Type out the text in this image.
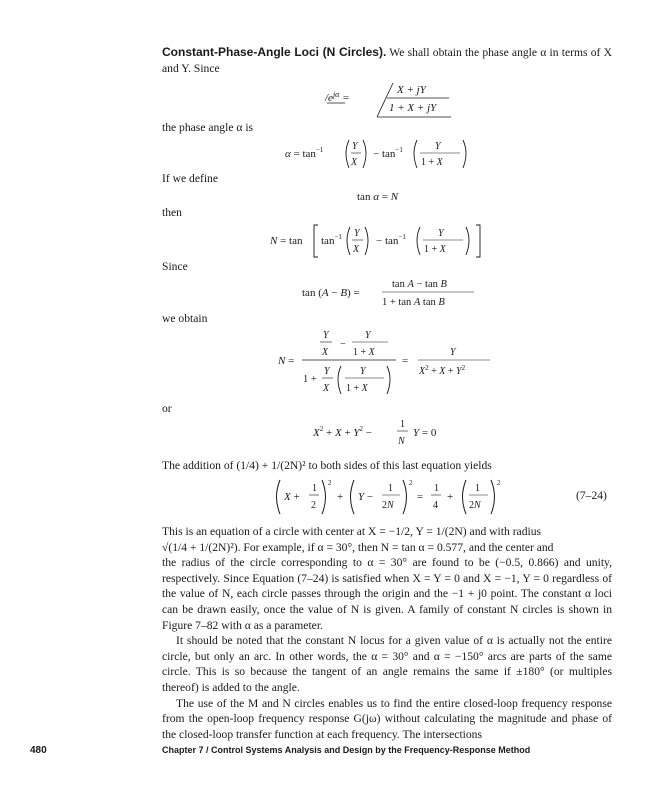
Constant-Phase-Angle Loci (N Circles). We shall obtain the phase angle α in terms of X and Y. Since

$/e^{j\alpha}$ =
X + jY
1 + X + jY
the phase angle α is
$\alpha = \tan^{-1}$	Y
X
− $\tan^{-1}$	Y
1 + X
If we define
tan α = N
then
$N = \tan \tan^{-1} Y$
X
− $\tan^{-1}$	Y
1 + X
Since
tan (A − B) =
tan A − tan B
1 + tan A tan B
we obtain
N =
Y
X
−
Y
1 + X
1 +
Y
X
Y
1 + X
=
Y
$X^2 + X + Y^2$
or
$X^2 + X + Y^2$ −
1
N
Y = 0

The addition of (1/4) + 1/(2N)² to both sides of this last equation yields

X +
1
2
2
+ Y −
1
2N
2
=
1
4
+
1
2N
2
(7–24)

This is an equation of a circle with center at X = −1/2, Y = 1/(2N) and with radius

√(1/4 + 1/(2N)²). For example, if α = 30°, then N = tan α = 0.577, and the center and

the radius of the circle corresponding to α = 30° are found to be (−0.5, 0.866) and unity, respectively. Since Equation (7–24) is satisfied when X = Y = 0 and X = −1, Y = 0 regardless of the value of N, each circle passes through the origin and the −1 + j0 point. The constant α loci can be drawn easily, once the value of N is given. A family of constant N circles is shown in Figure 7–82 with α as a parameter.

It should be noted that the constant N locus for a given value of α is actually not the entire circle, but only an arc. In other words, the α = 30° and α = −150° arcs are parts of the same circle. This is so because the tangent of an angle remains the same if ±180° (or multiples thereof) is added to the angle.

The use of the M and N circles enables us to find the entire closed-loop frequency response from the open-loop frequency response G(jω) without calculating the magnitude and phase of the closed-loop transfer function at each frequency. The intersections

480	Chapter 7 / Control Systems Analysis and Design by the Frequency-Response Method
